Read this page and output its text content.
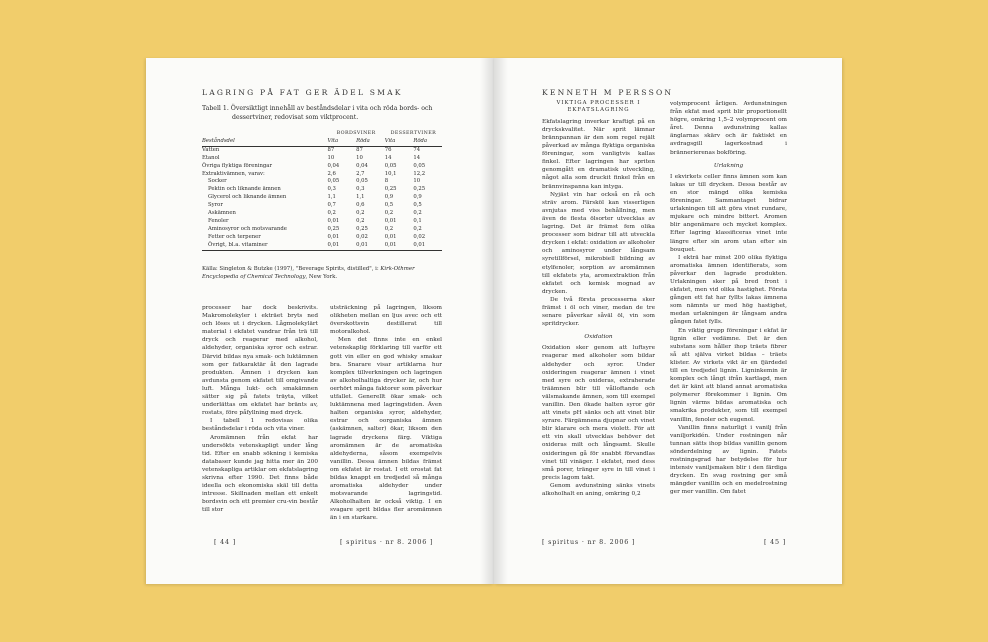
LAGRING PÅ FAT GER ÄDEL SMAK
Tabell 1. Översiktligt innehåll av beståndsdelar i vita och röda bords- och
dessertviner, redovisat som viktprocent.
	BORDSVINER		DESSERTVINER	
Beståndsdel	Vita	Röda	Vita	Röda
Vatten	87	87	76	74
Etanol	10	10	14	14
Övriga flyktiga föreningar	0,04	0,04	0,05	0,05
Extraktivämnen, varav:	2,6	2,7	10,1	12,2
Socker	0,05	0,05	8	10
Pektin och liknande ämnen	0,3	0,3	0,25	0,25
Glycerol och liknande ämnen	1,1	1,1	0,9	0,9
Syror	0,7	0,6	0,5	0,5
Askämnen	0,2	0,2	0,2	0,2
Fenoler	0,01	0,2	0,01	0,1
Aminosyror och motsvarande	0,25	0,25	0,2	0,2
Fetter och terpener	0,01	0,02	0,01	0,02
Övrigt, bl.a. vitaminer	0,01	0,01	0,01	0,01
Källa: Singleton & Butzke (1997), "Beverage Spirits, distilled", i: Kirk-Othmer Encyclopedia of Chemical Technology, New York.

processer har dock beskrivits. Makromolekyler i ekträet bryts ned och löses ut i drycken. Lågmolekylärt material i ekfatet vandrar från trä till dryck och reagerar med alkohol, aldehyder, organiska syror och estrar. Därvid bildas nya smak- och luktämnen som ger fatkaraktär åt den lagrade produkten. Ämnen i drycken kan avdunsta genom ekfatet till omgivande luft. Många lukt- och smakämnen sätter sig på fatets träyta, vilket underlättas om ekfatet har bränts av, rostats, före påfyllning med dryck.

I tabell 1 redovisas olika beståndsdelar i röda och vita viner.

Aromämnen från ekfat har undersökts vetenskapligt under lång tid. Efter en snabb sökning i kemiska databaser kunde jag hitta mer än 200 vetenskapliga artiklar om ekfatslagring skrivna efter 1990. Det finns både ideella och ekonomiska skäl till detta intresse. Skillnaden mellan ett enkelt bordsvin och ett premier cru-vin består till stor

utsträckning på lagringen, liksom olikheten mellan en ljus avec och ett överskottsvin destillerat till motoralkohol.

Men det finns inte en enkel vetenskaplig förklaring till varför ett gott vin eller en god whisky smakar bra. Snarare visar artiklarna hur komplex tillverkningen och lagringen av alkoholhaltiga drycker är, och hur oerhört många faktorer som påverkar utfallet. Generellt ökar smak- och luktämnena med lagringstiden. Även halten organiska syror, aldehyder, estrar och oorganiska ämnen (askämnen, salter) ökar, liksom den lagrade dryckens färg. Viktiga aromämnen är de aromatiska aldehyderna, såsom exempelvis vanillin. Dessa ämnen bildas främst om ekfatet är rostat. I ett orostat fat bildas knappt en tredjedel så många aromatiska aldehyder under motsvarande lagringstid. Alkoholhalten är också viktig. I en svagare sprit bildas fler aromämnen än i en starkare.

[ 44 ]	[ spiritus · nr 8. 2006 ]
KENNETH M PERSSON
VIKTIGA PROCESSER I EKFATSLAGRING

Ekfatslagring inverkar kraftigt på en dryckskvalitet. När sprit lämnar brännpannan är den som regel rejält påverkad av många flyktiga organiska föreningar, som vanligtvis kallas finkel. Efter lagringen har spriten genomgått en dramatisk utveckling, något alla som druckit finkel från en brännvinspanna kan intyga.

Nyjäst vin har också en rå och sträv arom. Färsköl kan visserligen avnjutas med viss behållning, men även de flesta ölsorter utvecklas av lagring. Det är främst fem olika processer som bidrar till att utveckla drycken i ekfat: oxidation av alkoholer och aminosyror under långsam syretillförsel, mikrobiell bildning av etylfenoler, sorption av aromämnen till ekfatets yta, aromextraktion från ekfatet och kemisk mognad av drycken.

De två första processerna sker främst i öl och viner, medan de tre senare påverkar såväl öl, vin som spritdrycker.

Oxidation

Oxidation sker genom att luftsyre reagerar med alkoholer som bildar aldehyder och syror. Under oxideringen reagerar ämnen i vinet med syre och oxideras, extraherade träämnen blir till vålloftande och välsmakande ämnen, som till exempel vanillin. Den ökade halten syror gör att vinets pH sänks och att vinet blir syrare. Färgämnena djupnar och vinet blir klarare och mera violett. För att ett vin skall utvecklas behöver det oxideras milt och långsamt. Skulle oxideringen gå för snabbt förvandlas vinet till vinäger. I ekfatet, med dess små porer, tränger syre in till vinet i precis lagom takt.

Genom avdunstning sänks vinets alkoholhalt en aning, omkring 0,2

volymprocent årligen. Avdunstningen från ekfat med sprit blir proportionellt högre, omkring 1,5–2 volymprocent om året. Denna avdunstning kallas änglarnas skärv och är faktiskt en avdragsgill lagerkostnad i brännerierenas bokföring.

Urlakning

I ekvirkets celler finns ämnen som kan lakas ur till drycken. Dessa består av en stor mängd olika kemiska föreningar. Sammantaget bidrar urlakningen till att göra vinet rundare, mjukare och mindre bittert. Aromen blir angenämare och mycket komplex. Efter lagring klassificeras vinet inte längre efter sin arom utan efter sin bouquet.

I ekträ har minst 200 olika flyktiga aromatiska ämnen identifierats, som påverkar den lagrade produkten. Urlakningen sker på bred front i ekfatet, men vid olika hastighet. Första gången ett fat har fyllts lakas ämnena som nämnts ur med hög hastighet, medan urlakningen är långsam andra gången fatet fylls.

En viktig grupp föreningar i ekfat är lignin eller vedämne. Det är den substans som håller ihop träets fibrer så att själva virket bildas – träets klister. Av virkets vikt är en fjärdedel till en tredjedel lignin. Ligninkemin är komplex och långt ifrån kartlagd, men det är känt att bland annat aromatiska polymerer förekommer i lignin. Om lignin värms bildas aromatiska och smakrika produkter, som till exempel vanillin, fenoler och eugenol.

Vanillin finns naturligt i vanilj från vaniljorkidén. Under rostningen når tunnan sätts ihop bildas vanillin genom sönderdelning av lignin. Fatets rostningsgrad har betydelse för hur intensiv vaniljsmaken blir i den färdiga drycken. En svag rostning ger små mängder vanillin och en medelrostning ger mer vanillin. Om fatet

[ spiritus · nr 8. 2006 ]	[ 45 ]
